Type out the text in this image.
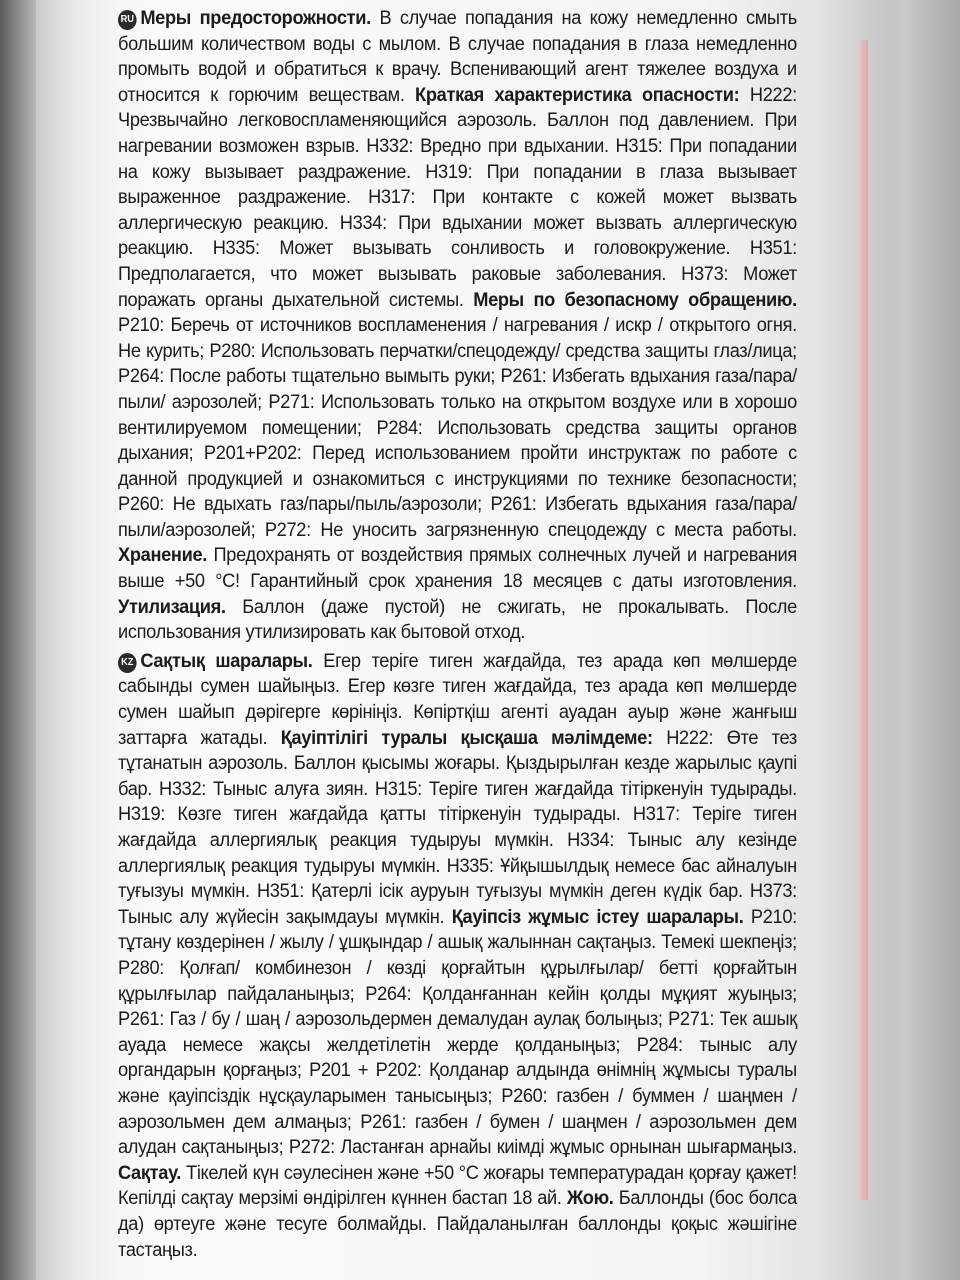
RU Меры предосторожности. В случае попадания на кожу немедленно смыть большим количеством воды с мылом. В случае попадания в глаза немедленно промыть водой и обратиться к врачу. Вспенивающий агент тяжелее воздуха и относится к горючим веществам. Краткая характеристика опасности: H222: Чрезвычайно легковоспламеняющийся аэрозоль. Баллон под давлением. При нагревании возможен взрыв. H332: Вредно при вдыхании. H315: При попадании на кожу вызывает раздражение. H319: При попадании в глаза вызывает выраженное раздражение. H317: При контакте с кожей может вызвать аллергическую реакцию. H334: При вдыхании может вызвать аллергическую реакцию. H335: Может вызывать сонливость и головокружение. H351: Предполагается, что может вызывать раковые заболевания. H373: Может поражать органы дыхательной системы. Меры по безопасному обращению. P210: Беречь от источников воспламенения / нагревания / искр / открытого огня. Не курить; P280: Использовать перчатки/спецодежду/ средства защиты глаз/лица; P264: После работы тщательно вымыть руки; P261: Избегать вдыхания газа/пара/пыли/ аэрозолей; P271: Использовать только на открытом воздухе или в хорошо вентилируемом помещении; P284: Использовать средства защиты органов дыхания; P201+P202: Перед использованием пройти инструктаж по работе с данной продукцией и ознакомиться с инструкциями по технике безопасности; P260: Не вдыхать газ/пары/пыль/аэрозоли; P261: Избегать вдыхания газа/пара/пыли/аэрозолей; P272: Не уносить загрязненную спецодежду с места работы. Хранение. Предохранять от воздействия прямых солнечных лучей и нагревания выше +50 °С! Гарантийный срок хранения 18 месяцев с даты изготовления. Утилизация. Баллон (даже пустой) не сжигать, не прокалывать. После использования утилизировать как бытовой отход.

KZ Сақтық шаралары. Егер теріге тиген жағдайда, тез арада көп мөлшерде сабынды сумен шайыңыз. Егер көзге тиген жағдайда, тез арада көп мөлшерде сумен шайып дәрігерге көрініңіз. Көпіртқіш агенті ауадан ауыр және жанғыш заттарға жатады. Қауіптілігі туралы қысқаша мәлімдеме: H222: Өте тез тұтанатын аэрозоль. Баллон қысымы жоғары. Қыздырылған кезде жарылыс қаупі бар. H332: Тыныс алуға зиян. H315: Теріге тиген жағдайда тітіркенуін тудырады. H319: Көзге тиген жағдайда қатты тітіркенуін тудырады. H317: Теріге тиген жағдайда аллергиялық реакция тудыруы мүмкін. H334: Тыныс алу кезінде аллергиялық реакция тудыруы мүмкін. H335: Ұйқышылдық немесе бас айналуын туғызуы мүмкін. H351: Қатерлі ісік ауруын туғызуы мүмкін деген күдік бар. H373: Тыныс алу жүйесін зақымдауы мүмкін. Қауіпсіз жұмыс істеу шаралары. P210: тұтану көздерінен / жылу / ұшқындар / ашық жалыннан сақтаңыз. Темекі шекпеңіз; P280: Қолғап/ комбинезон / көзді қорғайтын құрылғылар/ бетті қорғайтын құрылғылар пайдаланыңыз; P264: Қолданғаннан кейін қолды мұқият жуыңыз; P261: Газ / бу / шаң / аэрозольдермен демалудан аулақ болыңыз; P271: Тек ашық ауада немесе жақсы желдетілетін жерде қолданыңыз; P284: тыныс алу органдарын қорғаңыз; P201 + P202: Қолданар алдында өнімнің жұмысы туралы және қауіпсіздік нұсқауларымен танысыңыз; P260: газбен / буммен / шаңмен / аэрозольмен дем алмаңыз; P261: газбен / бумен / шаңмен / аэрозольмен дем алудан сақтаныңыз; P272: Ластанған арнайы киімді жұмыс орнынан шығармаңыз. Сақтау. Тікелей күн сәулесінен және +50 °С жоғары температурадан қорғау қажет! Кепілді сақтау мерзімі өндірілген күннен бастап 18 ай. Жою. Баллонды (бос болса да) өртеуге және тесуге болмайды. Пайдаланылған баллонды қоқыс жәшігіне тастаңыз.
